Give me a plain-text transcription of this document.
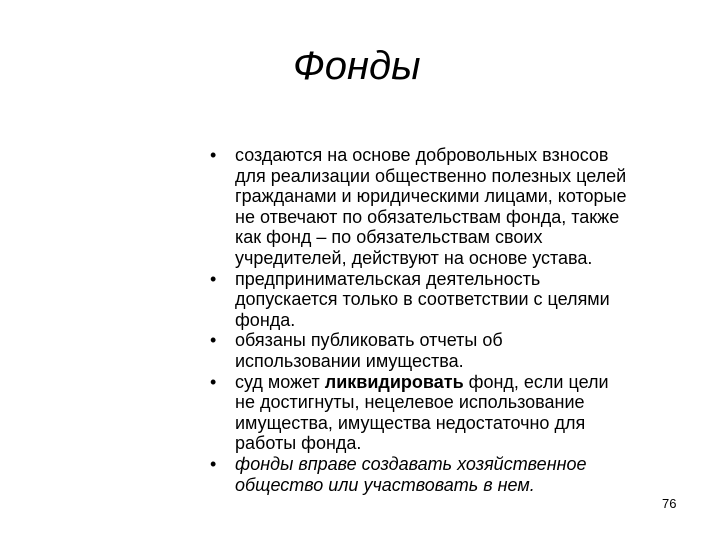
Фонды
• создаются на основе добровольных взносов
для реализации общественно полезных целей
гражданами и юридическими лицами, которые
не отвечают по обязательствам фонда, также
как фонд – по обязательствам своих
учредителей, действуют на основе устава.
• предпринимательская деятельность
допускается только в соответствии с целями
фонда.
• обязаны публиковать отчеты об
использовании имущества.
• суд может ликвидировать фонд, если цели
не достигнуты, нецелевое использование
имущества, имущества недостаточно для
работы фонда.
• фонды вправе создавать хозяйственное
общество или участвовать в нем.
76
